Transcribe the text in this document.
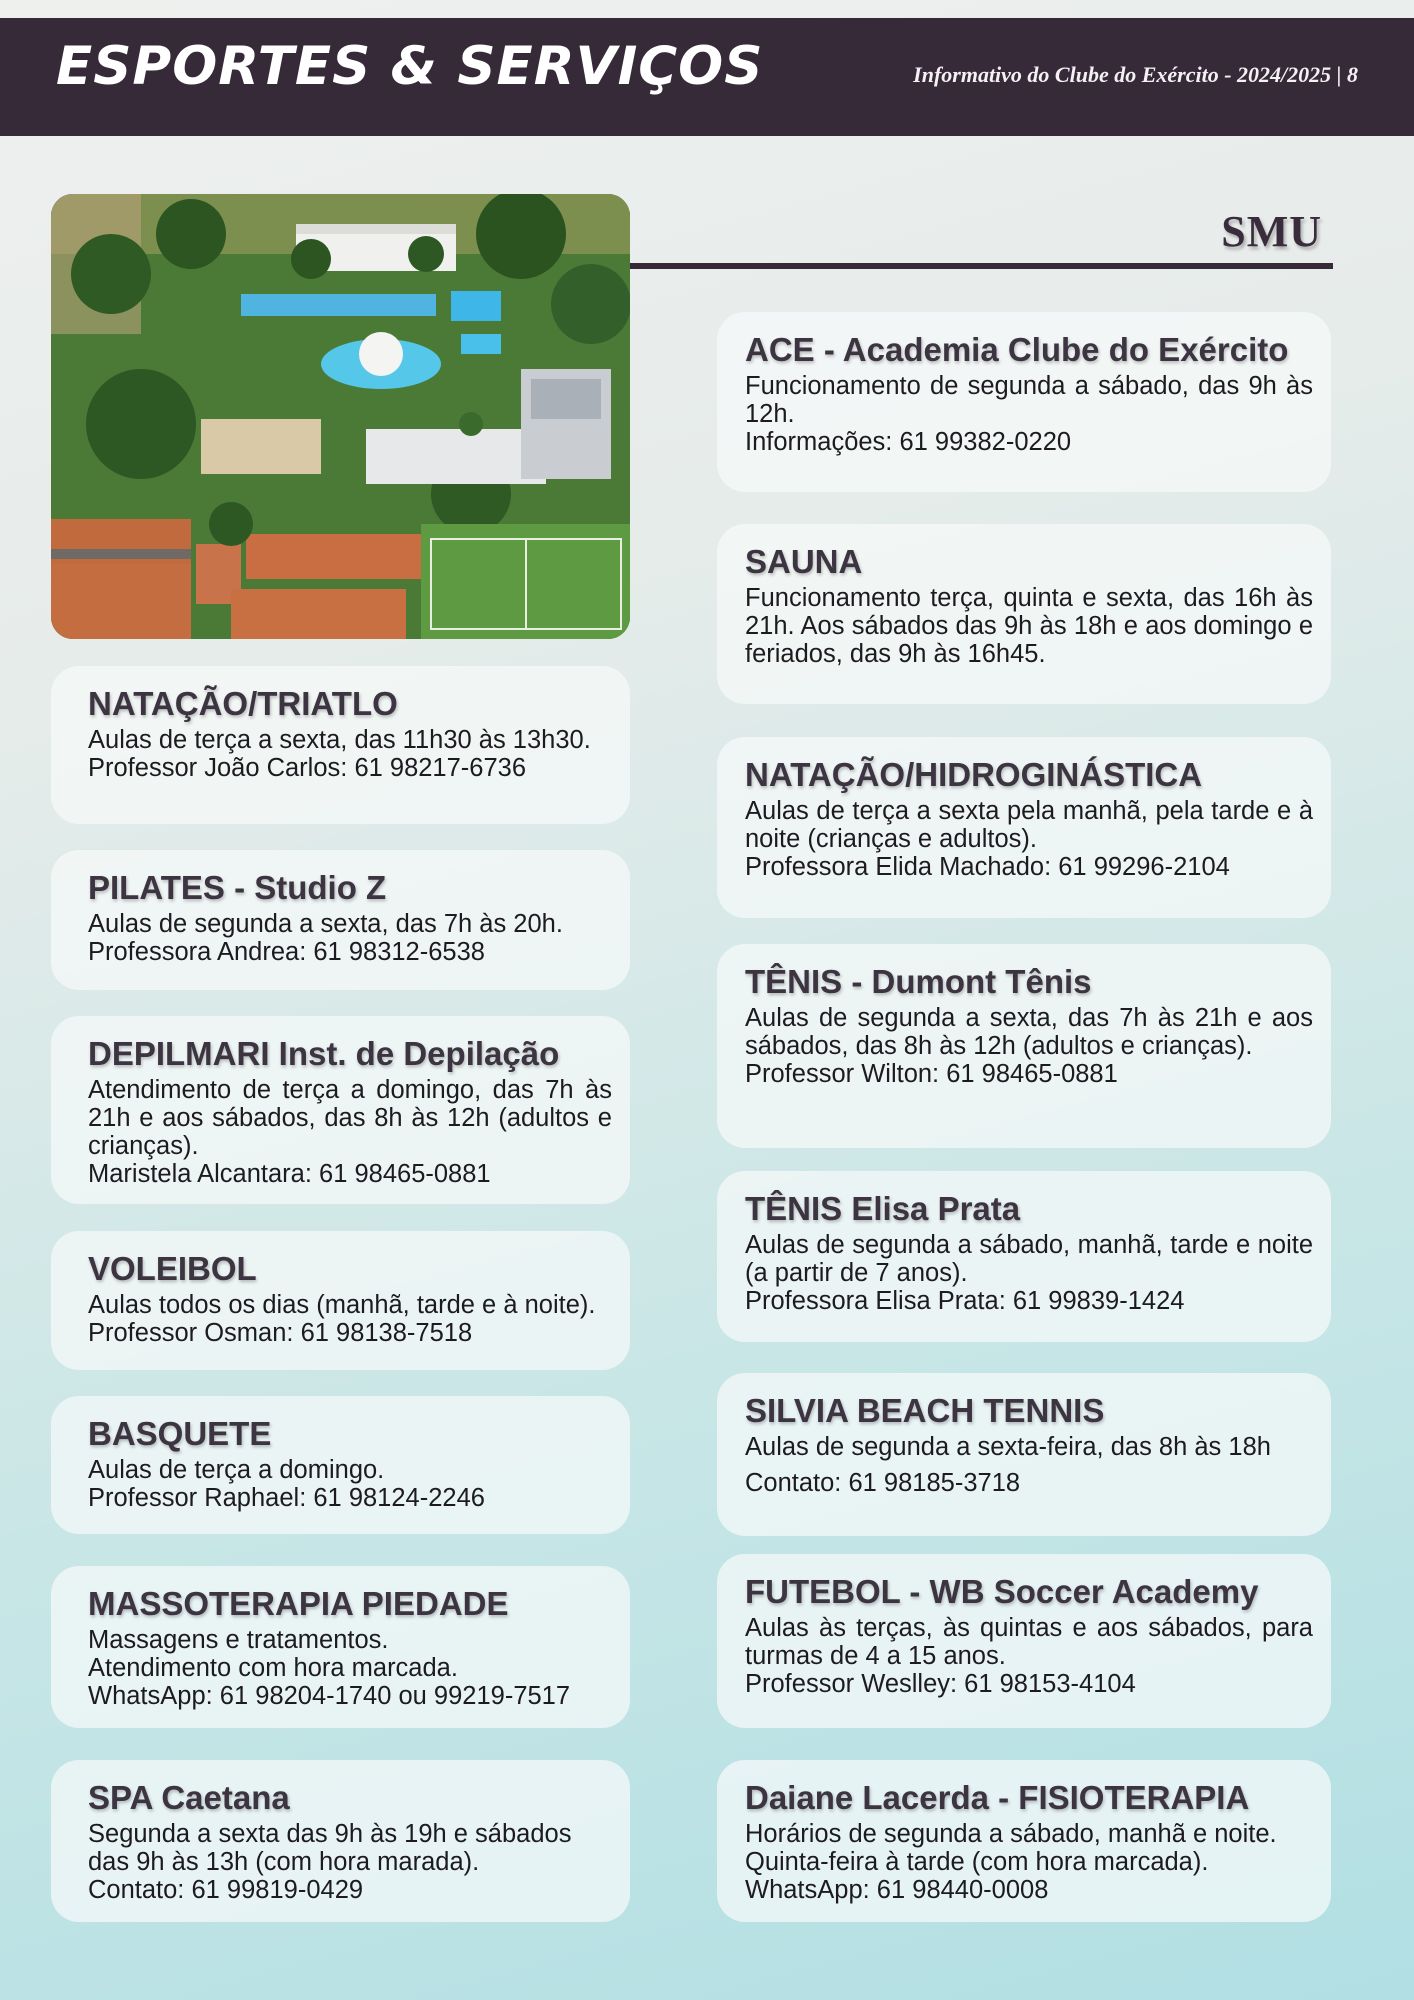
ESPORTES & SERVIÇOS	Informativo do Clube do Exército - 2024/2025 | 8
SMU
NATAÇÃO/TRIATLO

Aulas de terça a sexta, das 11h30 às 13h30.

Professor João Carlos: 61 98217-6736

PILATES - Studio Z

Aulas de segunda a sexta, das 7h às 20h.

Professora Andrea: 61 98312-6538

DEPILMARI Inst. de Depilação

Atendimento de terça a domingo, das 7h às 21h e aos sábados, das 8h às 12h (adultos e crianças).

Maristela Alcantara: 61 98465-0881

VOLEIBOL

Aulas todos os dias (manhã, tarde e à noite).

Professor Osman: 61 98138-7518

BASQUETE

Aulas de terça a domingo.

Professor Raphael: 61 98124-2246

MASSOTERAPIA PIEDADE

Massagens e tratamentos.

Atendimento com hora marcada.

WhatsApp: 61 98204-1740 ou 99219-7517

SPA Caetana

Segunda a sexta das 9h às 19h e sábados das 9h às 13h (com hora marada).

Contato: 61 99819-0429

ACE - Academia Clube do Exército

Funcionamento de segunda a sábado, das 9h às 12h.

Informações: 61 99382-0220

SAUNA

Funcionamento terça, quinta e sexta, das 16h às 21h. Aos sábados das 9h às 18h e aos domingo e feriados, das 9h às 16h45.

NATAÇÃO/HIDROGINÁSTICA

Aulas de terça a sexta pela manhã, pela tarde e à noite (crianças e adultos).

Professora Elida Machado: 61 99296-2104

TÊNIS - Dumont Tênis

Aulas de segunda a sexta, das 7h às 21h e aos sábados, das 8h às 12h (adultos e crianças).

Professor Wilton: 61 98465-0881

TÊNIS Elisa Prata

Aulas de segunda a sábado, manhã, tarde e noite (a partir de 7 anos).

Professora Elisa Prata: 61 99839-1424

SILVIA BEACH TENNIS

Aulas de segunda a sexta-feira, das 8h às 18h

Contato: 61 98185-3718

FUTEBOL - WB Soccer Academy

Aulas às terças, às quintas e aos sábados, para turmas de 4 a 15 anos.

Professor Weslley: 61 98153-4104

Daiane Lacerda - FISIOTERAPIA

Horários de segunda a sábado, manhã e noite.

Quinta-feira à tarde (com hora marcada).

WhatsApp: 61 98440-0008
